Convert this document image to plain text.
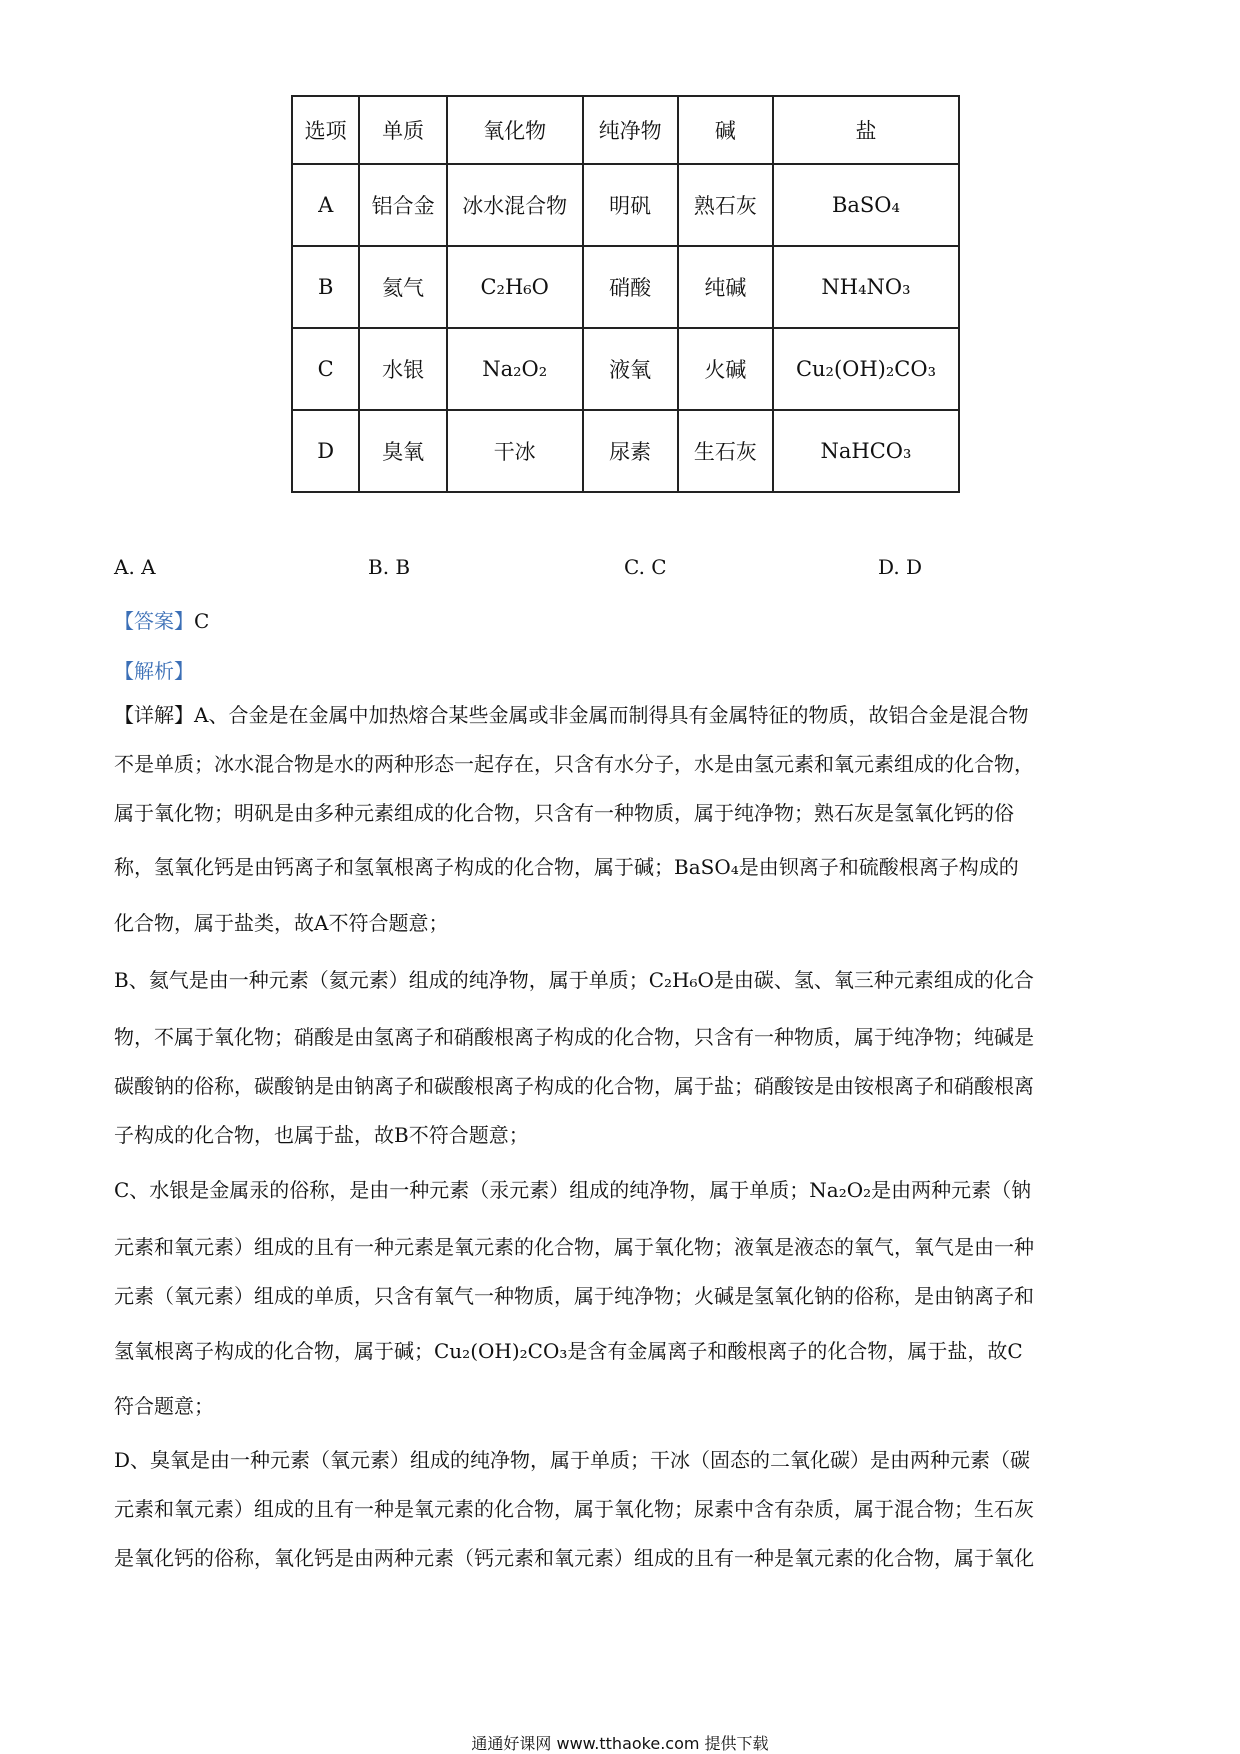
选项	单质	氧化物	纯净物	碱	盐
A	铝合金	冰水混合物	明矾	熟石灰	BaSO₄
B	氦气	C₂H₆O	硝酸	纯碱	NH₄NO₃
C	水银	Na₂O₂	液氧	火碱	Cu₂(OH)₂CO₃
D	臭氧	干冰	尿素	生石灰	NaHCO₃
A. A	B. B	C. C	D. D
【答案】C
【解析】
【详解】A、合金是在金属中加热熔合某些金属或非金属而制得具有金属特征的物质，故铝合金是混合物
不是单质；冰水混合物是水的两种形态一起存在，只含有水分子，水是由氢元素和氧元素组成的化合物，
属于氧化物；明矾是由多种元素组成的化合物，只含有一种物质，属于纯净物；熟石灰是氢氧化钙的俗
称，氢氧化钙是由钙离子和氢氧根离子构成的化合物，属于碱；BaSO₄是由钡离子和硫酸根离子构成的
化合物，属于盐类，故A不符合题意；
B、氦气是由一种元素（氦元素）组成的纯净物，属于单质；C₂H₆O是由碳、氢、氧三种元素组成的化合
物，不属于氧化物；硝酸是由氢离子和硝酸根离子构成的化合物，只含有一种物质，属于纯净物；纯碱是
碳酸钠的俗称，碳酸钠是由钠离子和碳酸根离子构成的化合物，属于盐；硝酸铵是由铵根离子和硝酸根离
子构成的化合物，也属于盐，故B不符合题意；
C、水银是金属汞的俗称，是由一种元素（汞元素）组成的纯净物，属于单质；Na₂O₂是由两种元素（钠
元素和氧元素）组成的且有一种元素是氧元素的化合物，属于氧化物；液氧是液态的氧气，氧气是由一种
元素（氧元素）组成的单质，只含有氧气一种物质，属于纯净物；火碱是氢氧化钠的俗称，是由钠离子和
氢氧根离子构成的化合物，属于碱；Cu₂(OH)₂CO₃是含有金属离子和酸根离子的化合物，属于盐，故C
符合题意；
D、臭氧是由一种元素（氧元素）组成的纯净物，属于单质；干冰（固态的二氧化碳）是由两种元素（碳
元素和氧元素）组成的且有一种是氧元素的化合物，属于氧化物；尿素中含有杂质，属于混合物；生石灰
是氧化钙的俗称，氧化钙是由两种元素（钙元素和氧元素）组成的且有一种是氧元素的化合物，属于氧化
通通好课网 www.tthaoke.com 提供下载
